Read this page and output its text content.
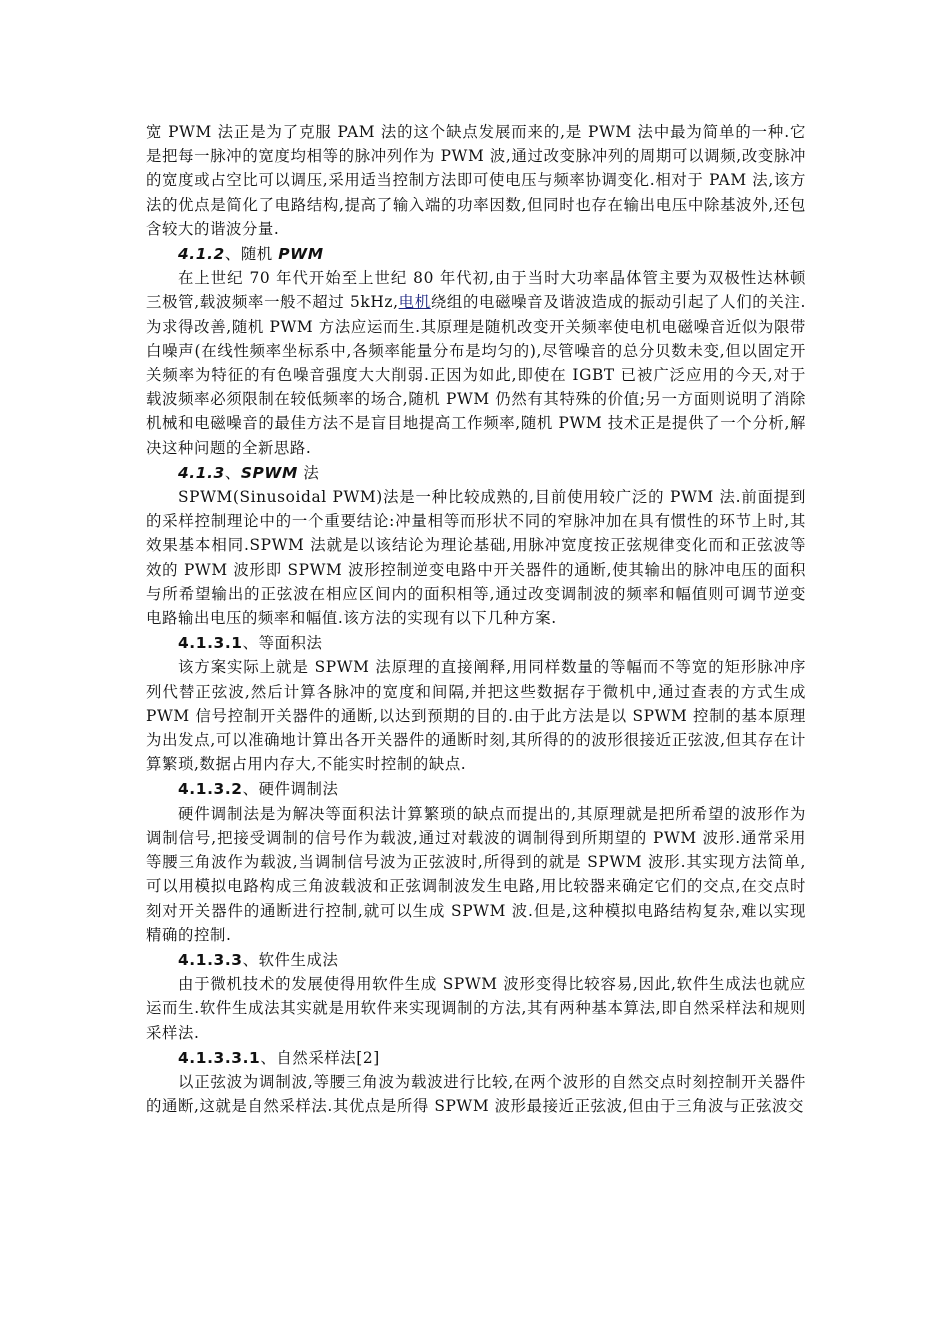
宽 PWM 法正是为了克服 PAM 法的这个缺点发展而来的,是 PWM 法中最为简单的一种.它是把每一脉冲的宽度均相等的脉冲列作为 PWM 波,通过改变脉冲列的周期可以调频,改变脉冲的宽度或占空比可以调压,采用适当控制方法即可使电压与频率协调变化.相对于 PAM 法,该方法的优点是简化了电路结构,提高了输入端的功率因数,但同时也存在输出电压中除基波外,还包含较大的谐波分量.

4.1.2、随机 PWM

在上世纪 70 年代开始至上世纪 80 年代初,由于当时大功率晶体管主要为双极性达林顿三极管,载波频率一般不超过 5kHz,电机绕组的电磁噪音及谐波造成的振动引起了人们的关注.为求得改善,随机 PWM 方法应运而生.其原理是随机改变开关频率使电机电磁噪音近似为限带白噪声(在线性频率坐标系中,各频率能量分布是均匀的),尽管噪音的总分贝数未变,但以固定开关频率为特征的有色噪音强度大大削弱.正因为如此,即使在 IGBT 已被广泛应用的今天,对于载波频率必须限制在较低频率的场合,随机 PWM 仍然有其特殊的价值;另一方面则说明了消除机械和电磁噪音的最佳方法不是盲目地提高工作频率,随机 PWM 技术正是提供了一个分析,解决这种问题的全新思路.

4.1.3、SPWM 法

SPWM(Sinusoidal PWM)法是一种比较成熟的,目前使用较广泛的 PWM 法.前面提到的采样控制理论中的一个重要结论:冲量相等而形状不同的窄脉冲加在具有惯性的环节上时,其效果基本相同.SPWM 法就是以该结论为理论基础,用脉冲宽度按正弦规律变化而和正弦波等效的 PWM 波形即 SPWM 波形控制逆变电路中开关器件的通断,使其输出的脉冲电压的面积与所希望输出的正弦波在相应区间内的面积相等,通过改变调制波的频率和幅值则可调节逆变电路输出电压的频率和幅值.该方法的实现有以下几种方案.

4.1.3.1、等面积法

该方案实际上就是 SPWM 法原理的直接阐释,用同样数量的等幅而不等宽的矩形脉冲序列代替正弦波,然后计算各脉冲的宽度和间隔,并把这些数据存于微机中,通过查表的方式生成 PWM 信号控制开关器件的通断,以达到预期的目的.由于此方法是以 SPWM 控制的基本原理为出发点,可以准确地计算出各开关器件的通断时刻,其所得的的波形很接近正弦波,但其存在计算繁琐,数据占用内存大,不能实时控制的缺点.

4.1.3.2、硬件调制法

硬件调制法是为解决等面积法计算繁琐的缺点而提出的,其原理就是把所希望的波形作为调制信号,把接受调制的信号作为载波,通过对载波的调制得到所期望的 PWM 波形.通常采用等腰三角波作为载波,当调制信号波为正弦波时,所得到的就是 SPWM 波形.其实现方法简单,可以用模拟电路构成三角波载波和正弦调制波发生电路,用比较器来确定它们的交点,在交点时刻对开关器件的通断进行控制,就可以生成 SPWM 波.但是,这种模拟电路结构复杂,难以实现精确的控制.

4.1.3.3、软件生成法

由于微机技术的发展使得用软件生成 SPWM 波形变得比较容易,因此,软件生成法也就应运而生.软件生成法其实就是用软件来实现调制的方法,其有两种基本算法,即自然采样法和规则采样法.

4.1.3.3.1、自然采样法[2]

以正弦波为调制波,等腰三角波为载波进行比较,在两个波形的自然交点时刻控制开关器件的通断,这就是自然采样法.其优点是所得 SPWM 波形最接近正弦波,但由于三角波与正弦波交
